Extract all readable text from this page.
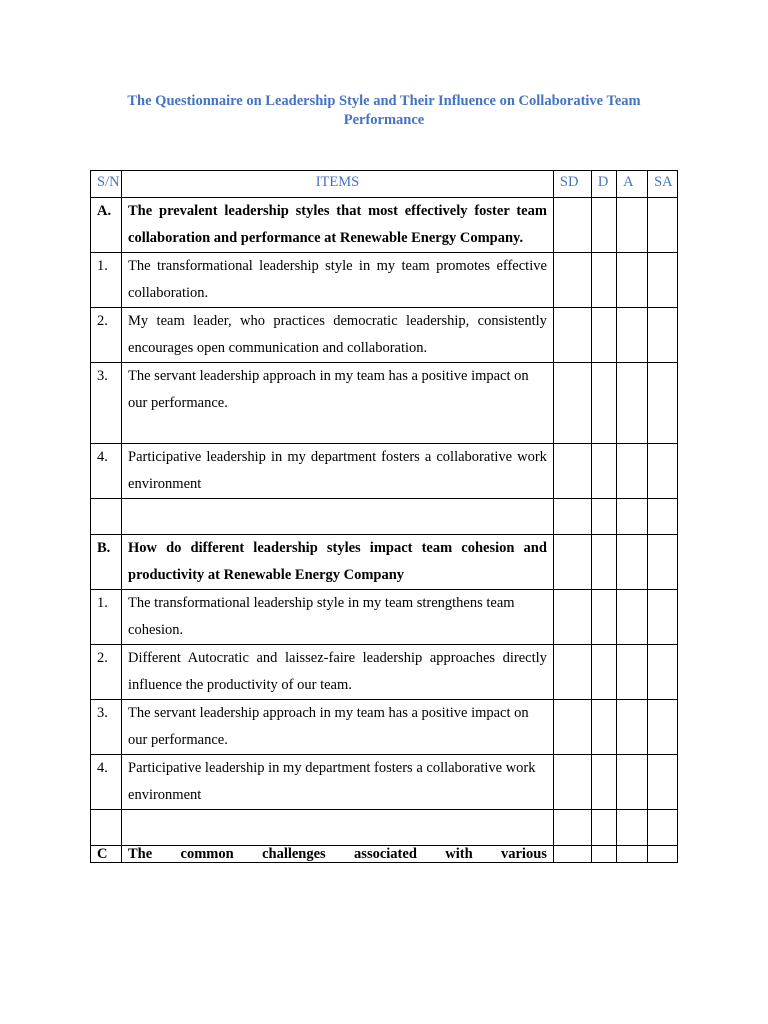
The Questionnaire on Leadership Style and Their Influence on Collaborative Team Performance
S/N	ITEMS	SD	D	A	SA
A.	The prevalent leadership styles that most effectively foster team collaboration and performance at Renewable Energy Company.				
1.	The transformational leadership style in my team promotes effective collaboration.				
2.	My team leader, who practices democratic leadership, consistently encourages open communication and collaboration.				
3.	The servant leadership approach in my team has a positive impact on our performance.				
4.	Participative leadership in my department fosters a collaborative work environment				

B.	How do different leadership styles impact team cohesion and productivity at Renewable Energy Company				
1.	The transformational leadership style in my team strengthens team cohesion.				
2.	Different Autocratic and laissez-faire leadership approaches directly influence the productivity of our team.				
3.	The servant leadership approach in my team has a positive impact on our performance.				
4.	Participative leadership in my department fosters a collaborative work environment				

C	The common challenges associated with various				
